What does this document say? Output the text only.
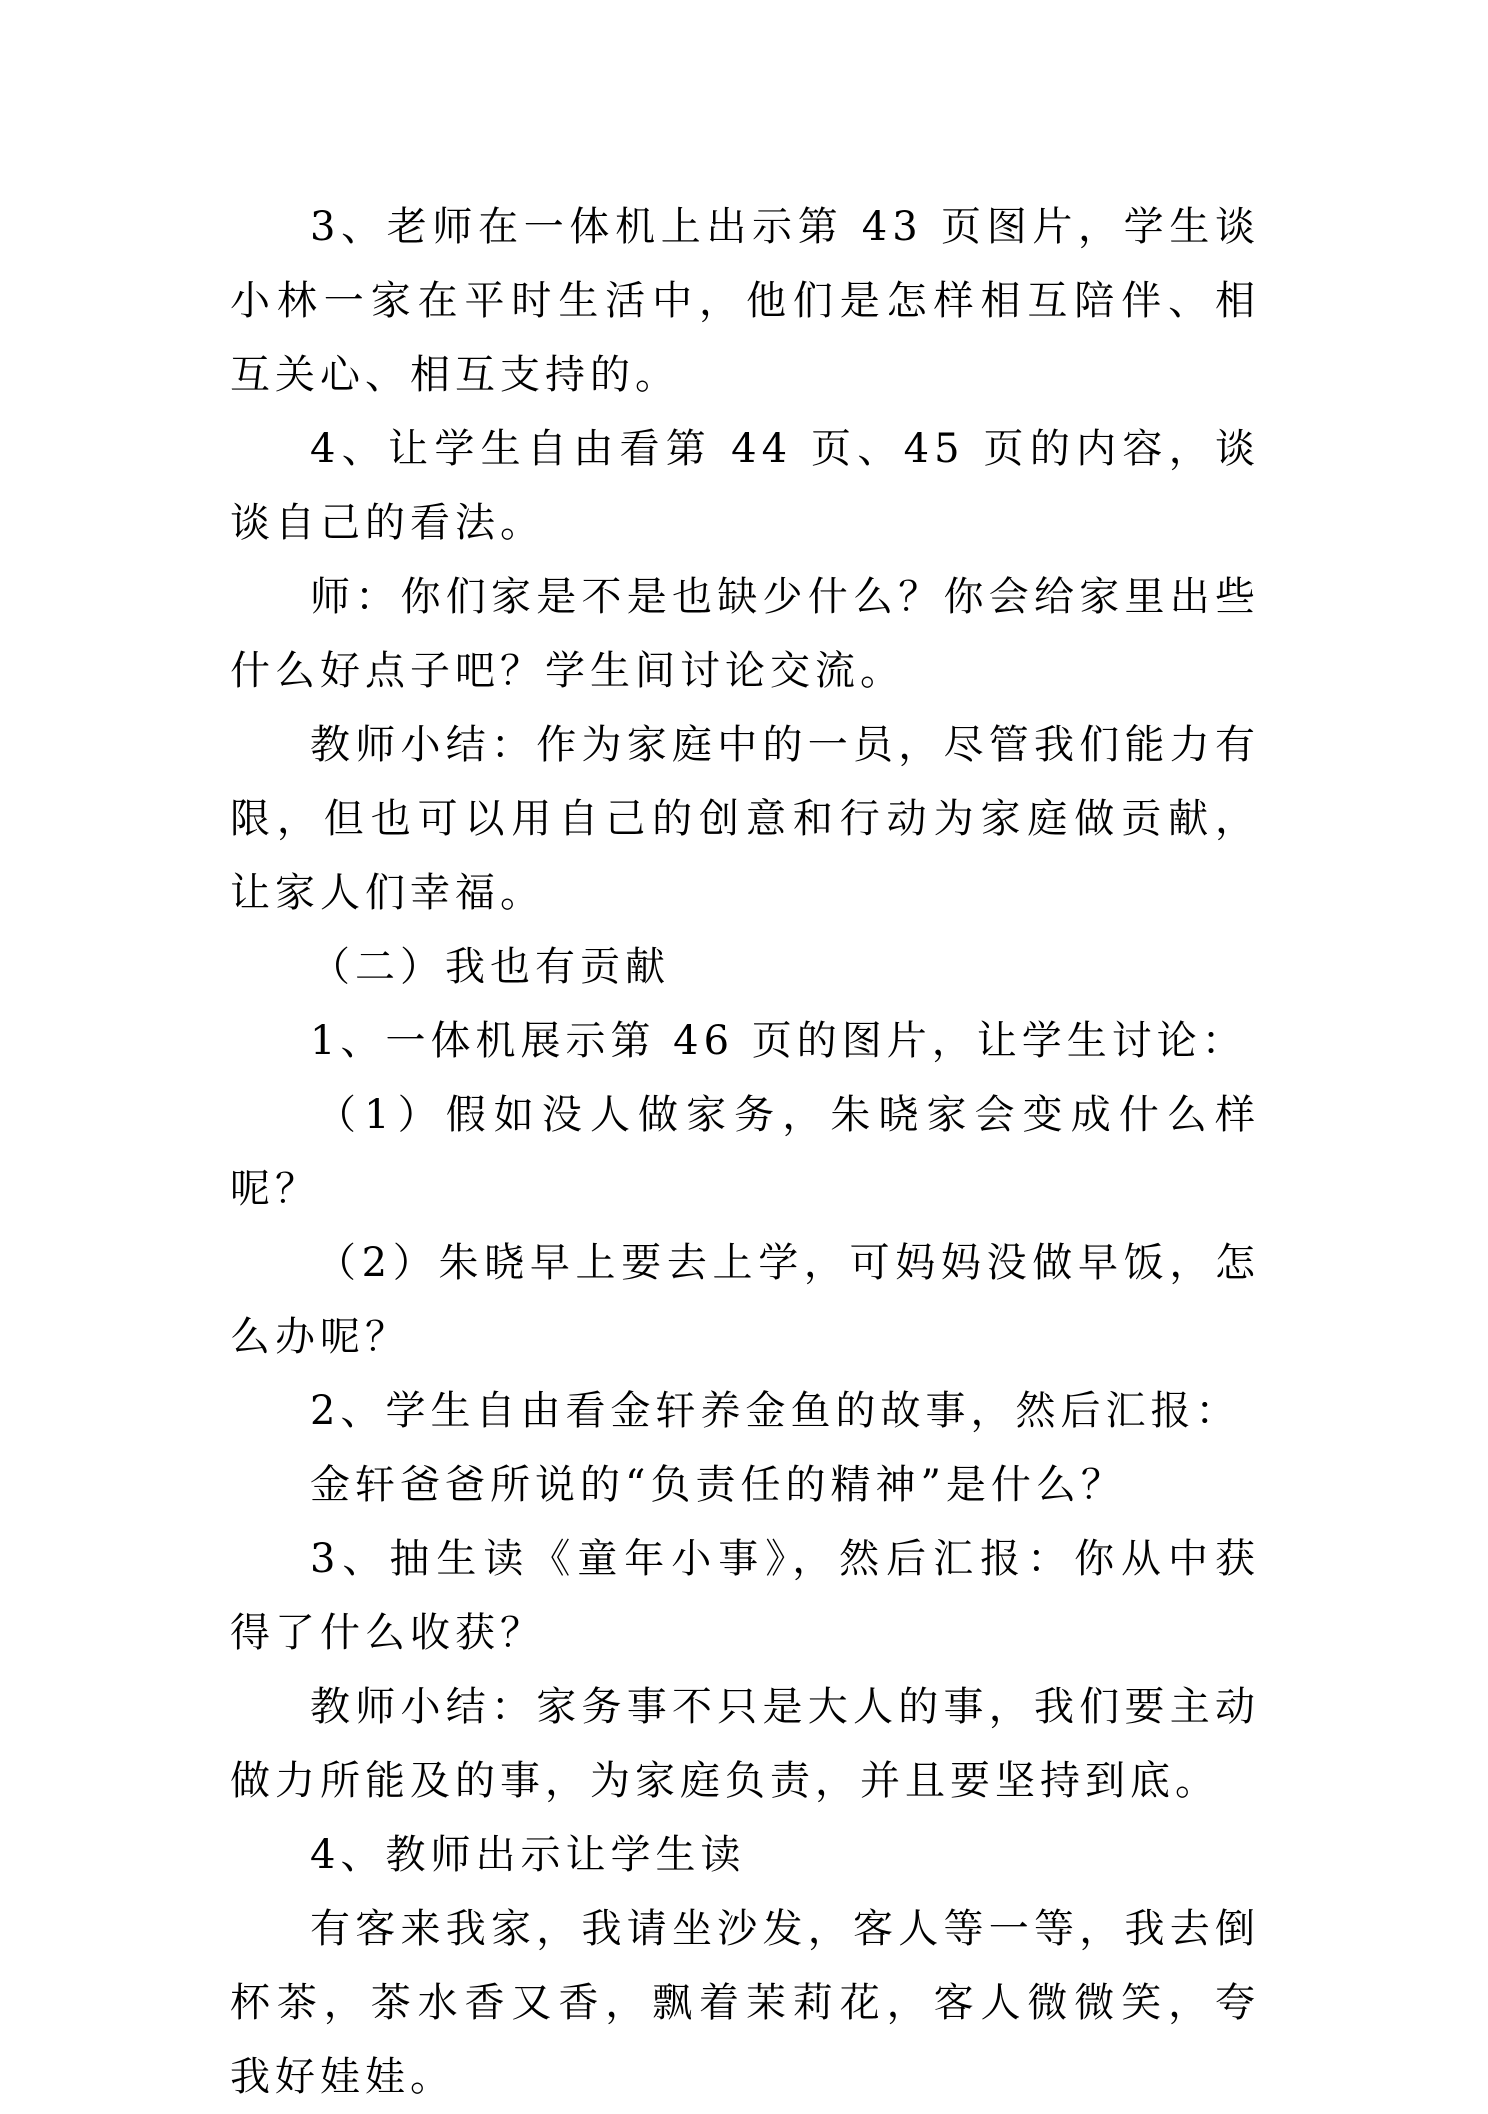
3、老师在一体机上出示第 43 页图片，学生谈小林一家在平时生活中，他们是怎样相互陪伴、相互关心、相互支持的。

4、让学生自由看第 44 页、45 页的内容，谈谈自己的看法。

师：你们家是不是也缺少什么？你会给家里出些什么好点子吧？学生间讨论交流。

教师小结：作为家庭中的一员，尽管我们能力有限，但也可以用自己的创意和行动为家庭做贡献，让家人们幸福。

（二）我也有贡献

1、一体机展示第 46 页的图片，让学生讨论：

（1）假如没人做家务，朱晓家会变成什么样呢？

（2）朱晓早上要去上学，可妈妈没做早饭，怎么办呢？

2、学生自由看金轩养金鱼的故事，然后汇报：

金轩爸爸所说的“负责任的精神”是什么？

3、抽生读《童年小事》，然后汇报：你从中获得了什么收获？

教师小结：家务事不只是大人的事，我们要主动做力所能及的事，为家庭负责，并且要坚持到底。

4、教师出示让学生读

有客来我家，我请坐沙发，客人等一等，我去倒杯茶，茶水香又香，飘着茉莉花，客人微微笑，夸我好娃娃。
